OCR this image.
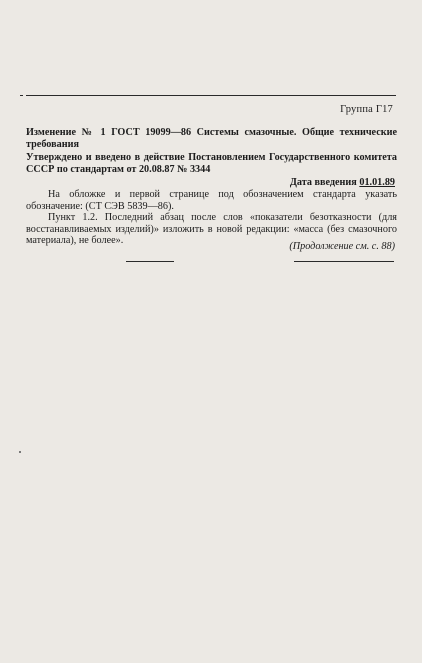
Группа Г17
Изменение № 1 ГОСТ 19099—86 Системы смазочные. Общие технические требования
Утверждено и введено в действие Постановлением Государственного комитета СССР по стандартам от 20.08.87 № 3344
Дата введения 01.01.89
На обложке и первой странице под обозначением стандарта указать обозначение: (СТ СЭВ 5839—86).
Пункт 1.2. Последний абзац после слов «показатели безотказности (для восстанавливаемых изделий)» изложить в новой редакции: «масса (без смазочного материала), не более».
(Продолжение см. с. 88)
